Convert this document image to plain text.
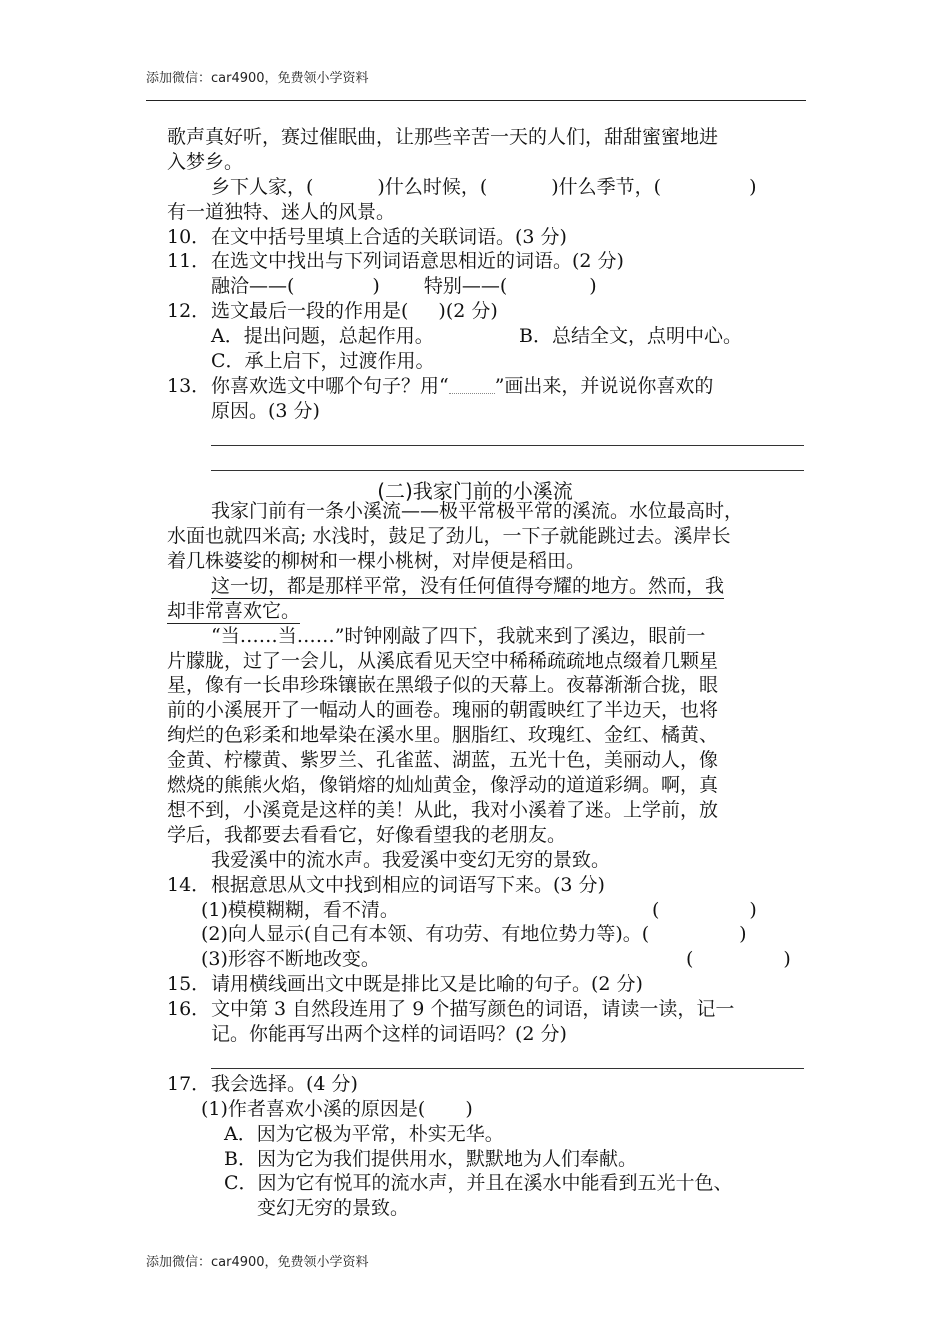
添加微信：car4900，免费领小学资料
歌声真好听，赛过催眠曲，让那些辛苦一天的人们，甜甜蜜蜜地进
入梦乡。
乡下人家，(	)什么时候，(	)什么季节，(	)
有一道独特、迷人的风景。
10．在文中括号里填上合适的关联词语。(3 分)
11．在选文中找出与下列词语意思相近的词语。(2 分)
融洽——(	) 特别——(	)
12．选文最后一段的作用是( )(2 分)
A．提出问题，总起作用。	B．总结全文，点明中心。
C．承上启下，过渡作用。
13．你喜欢选文中哪个句子？用“ ”画出来，并说说你喜欢的
原因。(3 分)
(二)我家门前的小溪流
我家门前有一条小溪流——极平常极平常的溪流。水位最高时，
水面也就四米高; 水浅时，鼓足了劲儿，一下子就能跳过去。溪岸长
着几株婆娑的柳树和一棵小桃树，对岸便是稻田。
这一切，都是那样平常，没有任何值得夸耀的地方。然而，我
却非常喜欢它。
“当……当……”时钟刚敲了四下，我就来到了溪边，眼前一
片朦胧，过了一会儿，从溪底看见天空中稀稀疏疏地点缀着几颗星
星，像有一长串珍珠镶嵌在黑缎子似的天幕上。夜幕渐渐合拢，眼
前的小溪展开了一幅动人的画卷。瑰丽的朝霞映红了半边天，也将
绚烂的色彩柔和地晕染在溪水里。胭脂红、玫瑰红、金红、橘黄、
金黄、柠檬黄、紫罗兰、孔雀蓝、湖蓝，五光十色，美丽动人，像
燃烧的熊熊火焰，像销熔的灿灿黄金，像浮动的道道彩绸。啊，真
想不到，小溪竟是这样的美！从此，我对小溪着了迷。上学前，放
学后，我都要去看看它，好像看望我的老朋友。
我爱溪中的流水声。我爱溪中变幻无穷的景致。
14．根据意思从文中找到相应的词语写下来。(3 分)
(1)模模糊糊，看不清。	(	)
(2)向人显示(自己有本领、有功劳、有地位势力等)。(	)
(3)形容不断地改变。	(	)
15．请用横线画出文中既是排比又是比喻的句子。(2 分)
16．文中第 3 自然段连用了 9 个描写颜色的词语，请读一读，记一
记。你能再写出两个这样的词语吗？(2 分)
17．我会选择。(4 分)
(1)作者喜欢小溪的原因是( )
A．因为它极为平常，朴实无华。
B．因为它为我们提供用水，默默地为人们奉献。
C．因为它有悦耳的流水声，并且在溪水中能看到五光十色、
变幻无穷的景致。
添加微信：car4900，免费领小学资料
